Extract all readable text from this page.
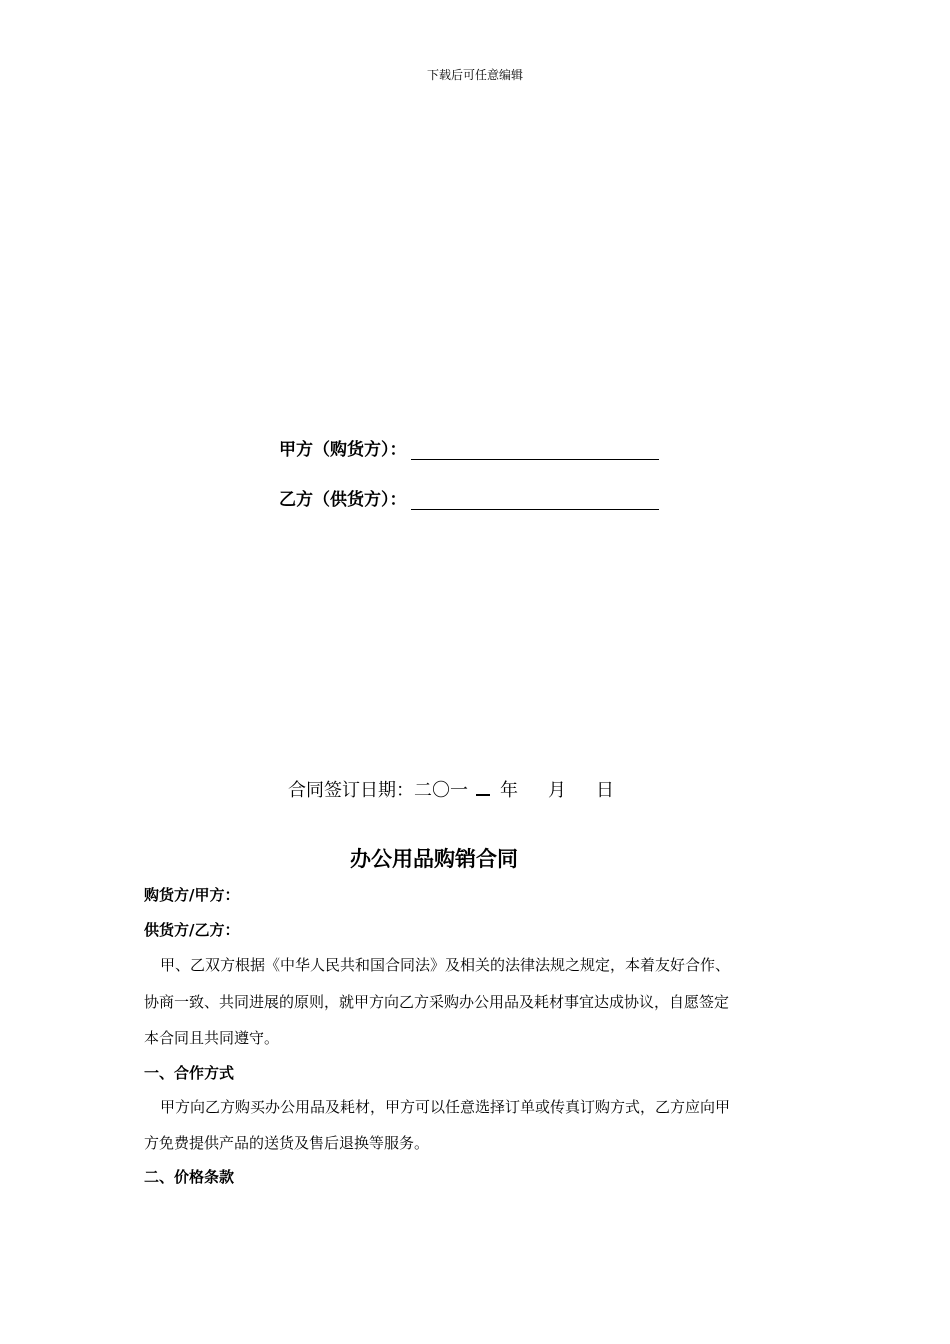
下载后可任意编辑
甲方（购货方）：
乙方（供货方）：
合同签订日期：二〇一 年 月 日
办公用品购销合同
购货方/甲方：
供货方/乙方：
甲、乙双方根据《中华人民共和国合同法》及相关的法律法规之规定，本着友好合作、
协商一致、共同进展的原则，就甲方向乙方采购办公用品及耗材事宜达成协议，自愿签定
本合同且共同遵守。
一、合作方式
甲方向乙方购买办公用品及耗材，甲方可以任意选择订单或传真订购方式，乙方应向甲
方免费提供产品的送货及售后退换等服务。
二、价格条款
